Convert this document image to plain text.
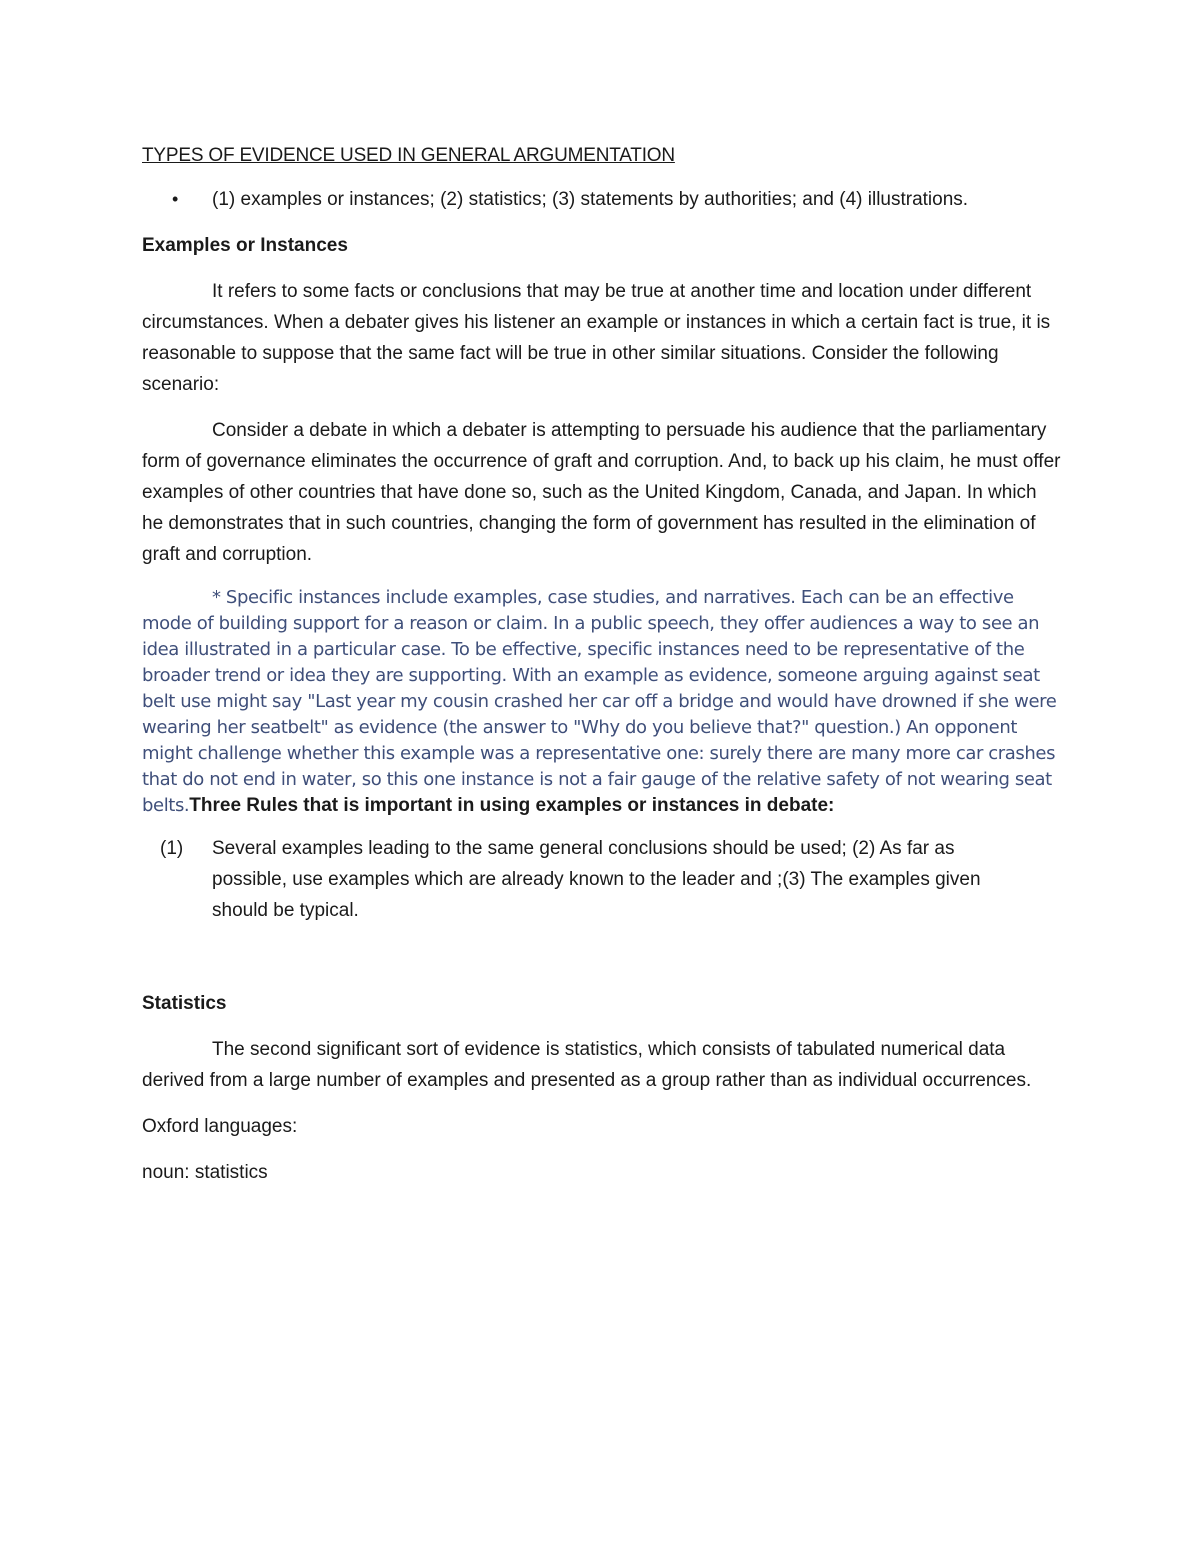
TYPES OF EVIDENCE USED IN GENERAL ARGUMENTATION
•	(1) examples or instances; (2) statistics; (3) statements by authorities; and (4) illustrations.
Examples or Instances

It refers to some facts or conclusions that may be true at another time and location under different circumstances. When a debater gives his listener an example or instances in which a certain fact is true, it is reasonable to suppose that the same fact will be true in other similar situations. Consider the following scenario:

Consider a debate in which a debater is attempting to persuade his audience that the parliamentary form of governance eliminates the occurrence of graft and corruption. And, to back up his claim, he must offer examples of other countries that have done so, such as the United Kingdom, Canada, and Japan. In which he demonstrates that in such countries, changing the form of government has resulted in the elimination of graft and corruption.

* Specific instances include examples, case studies, and narratives. Each can be an effective mode of building support for a reason or claim. In a public speech, they offer audiences a way to see an idea illustrated in a particular case. To be effective, specific instances need to be representative of the broader trend or idea they are supporting. With an example as evidence, someone arguing against seat belt use might say "Last year my cousin crashed her car off a bridge and would have drowned if she were wearing her seatbelt" as evidence (the answer to "Why do you believe that?" question.) An opponent might challenge whether this example was a representative one: surely there are many more car crashes that do not end in water, so this one instance is not a fair gauge of the relative safety of not wearing seat belts.Three Rules that is important in using examples or instances in debate:

(1)	Several examples leading to the same general conclusions should be used; (2) As far as possible, use examples which are already known to the leader and ;(3) The examples given should be typical.
Statistics

The second significant sort of evidence is statistics, which consists of tabulated numerical data derived from a large number of examples and presented as a group rather than as individual occurrences.

Oxford languages:

noun: statistics
